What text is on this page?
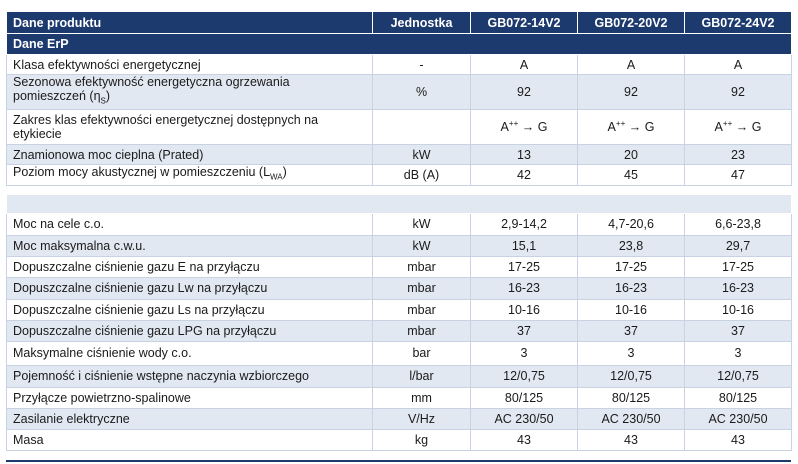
Dane produktu	Jednostka	GB072-14V2	GB072-20V2	GB072-24V2
Dane ErP				
Klasa efektywności energetycznej	-	A	A	A
Sezonowa efektywność energetyczna ogrzewania
pomieszczeń $(\eta_S)$	%	92	92	92
Zakres klas efektywności energetycznej dostępnych na
etykiecie		A++ → G	A++ → G	A++ → G
Znamionowa moc cieplna (Prated)	kW	13	20	23
Poziom mocy akustycznej w pomieszczeniu $(L_{WA})$	dB (A)	42	45	47

Moc na cele c.o.	kW	2,9-14,2	4,7-20,6	6,6-23,8
Moc maksymalna c.w.u.	kW	15,1	23,8	29,7
Dopuszczalne ciśnienie gazu E na przyłączu	mbar	17-25	17-25	17-25
Dopuszczalne ciśnienie gazu Lw na przyłączu	mbar	16-23	16-23	16-23
Dopuszczalne ciśnienie gazu Ls na przyłączu	mbar	10-16	10-16	10-16
Dopuszczalne ciśnienie gazu LPG na przyłączu	mbar	37	37	37
Maksymalne ciśnienie wody c.o.	bar	3	3	3
Pojemność i ciśnienie wstępne naczynia wzbiorczego	l/bar	12/0,75	12/0,75	12/0,75
Przyłącze powietrzno-spalinowe	mm	80/125	80/125	80/125
Zasilanie elektryczne	V/Hz	AC 230/50	AC 230/50	AC 230/50
Masa	kg	43	43	43
